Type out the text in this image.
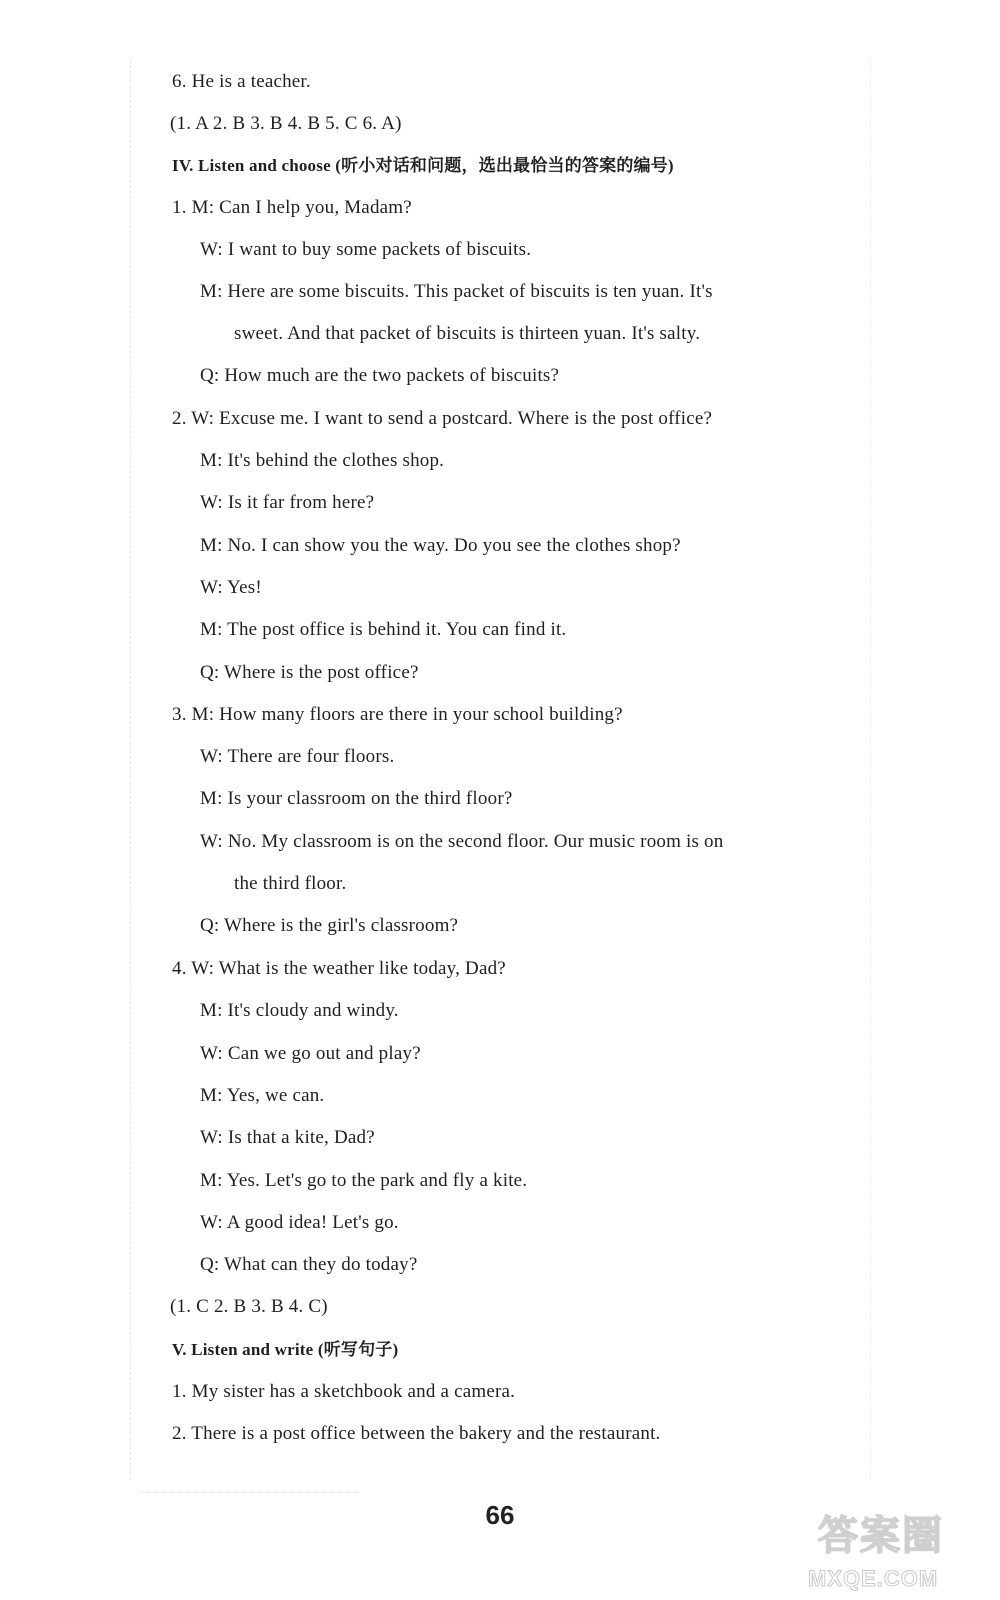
6. He is a teacher.
(1. A 2. B 3. B 4. B 5. C 6. A)
IV. Listen and choose (听小对话和问题，选出最恰当的答案的编号)
1. M: Can I help you, Madam?
W: I want to buy some packets of biscuits.
M: Here are some biscuits. This packet of biscuits is ten yuan. It's
sweet. And that packet of biscuits is thirteen yuan. It's salty.
Q: How much are the two packets of biscuits?
2. W: Excuse me. I want to send a postcard. Where is the post office?
M: It's behind the clothes shop.
W: Is it far from here?
M: No. I can show you the way. Do you see the clothes shop?
W: Yes!
M: The post office is behind it. You can find it.
Q: Where is the post office?
3. M: How many floors are there in your school building?
W: There are four floors.
M: Is your classroom on the third floor?
W: No. My classroom is on the second floor. Our music room is on
the third floor.
Q: Where is the girl's classroom?
4. W: What is the weather like today, Dad?
M: It's cloudy and windy.
W: Can we go out and play?
M: Yes, we can.
W: Is that a kite, Dad?
M: Yes. Let's go to the park and fly a kite.
W: A good idea! Let's go.
Q: What can they do today?
(1. C 2. B 3. B 4. C)
V. Listen and write (听写句子)
1. My sister has a sketchbook and a camera.
2. There is a post office between the bakery and the restaurant.
66	答案圈
MXQE.COM
